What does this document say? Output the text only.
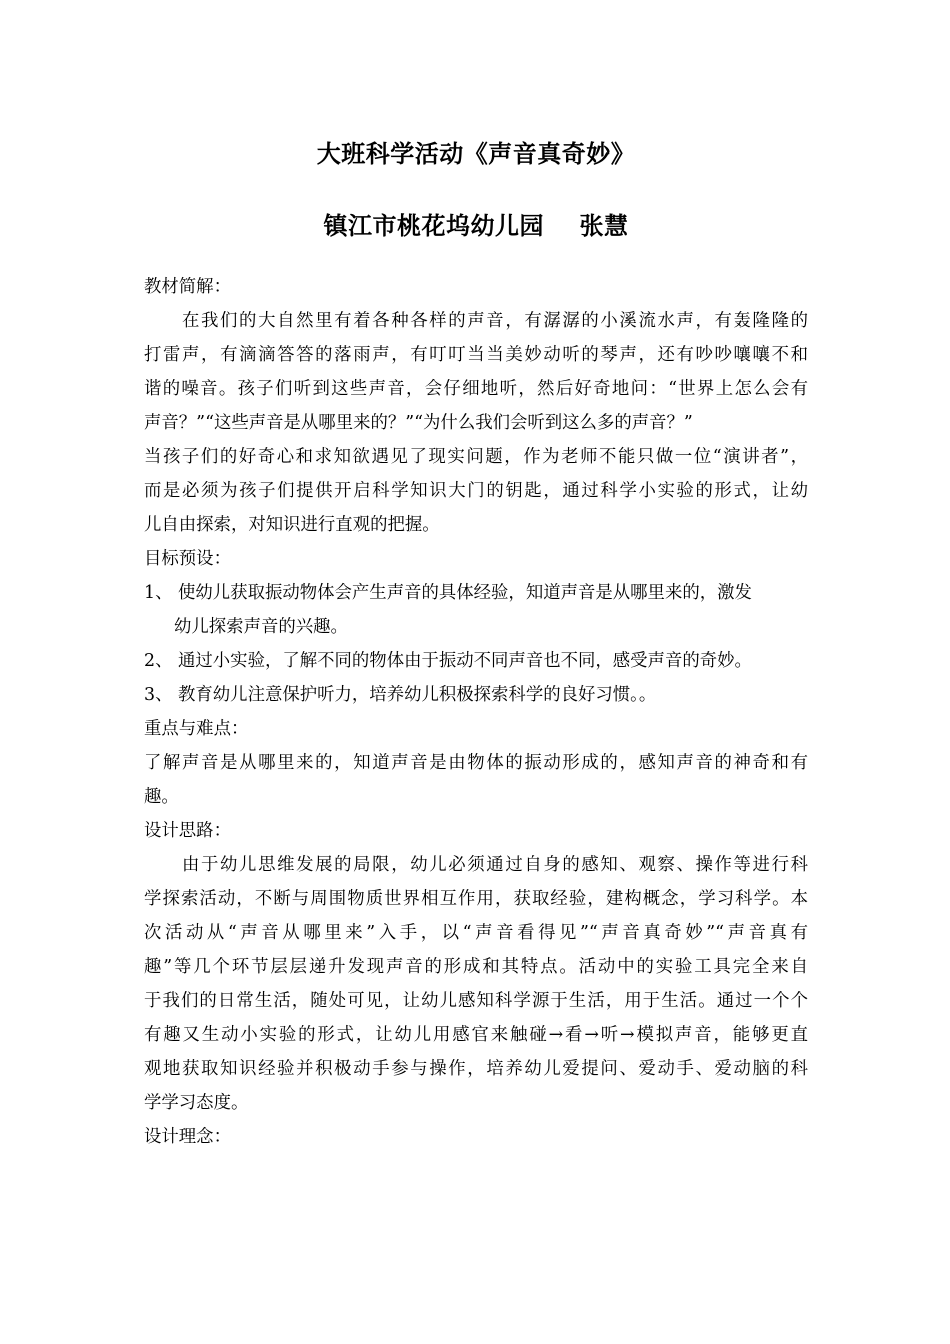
大班科学活动《声音真奇妙》
镇江市桃花坞幼儿园    张慧
教材简解：
在我们的大自然里有着各种各样的声音，有潺潺的小溪流水声，有轰隆隆的
打雷声，有滴滴答答的落雨声，有叮叮当当美妙动听的琴声，还有吵吵嚷嚷不和
谐的噪音。孩子们听到这些声音，会仔细地听，然后好奇地问：“世界上怎么会有
声音？”“这些声音是从哪里来的？”“为什么我们会听到这么多的声音？”
当孩子们的好奇心和求知欲遇见了现实问题，作为老师不能只做一位“演讲者”，
而是必须为孩子们提供开启科学知识大门的钥匙，通过科学小实验的形式，让幼
儿自由探索，对知识进行直观的把握。
目标预设：
1、 使幼儿获取振动物体会产生声音的具体经验，知道声音是从哪里来的，激发
幼儿探索声音的兴趣。
2、 通过小实验，了解不同的物体由于振动不同声音也不同，感受声音的奇妙。
3、 教育幼儿注意保护听力，培养幼儿积极探索科学的良好习惯。。
重点与难点：
了解声音是从哪里来的，知道声音是由物体的振动形成的，感知声音的神奇和有
趣。
设计思路：
由于幼儿思维发展的局限，幼儿必须通过自身的感知、观察、操作等进行科
学探索活动，不断与周围物质世界相互作用，获取经验，建构概念，学习科学。本
次活动从“声音从哪里来”入手，以“声音看得见”“声音真奇妙”“声音真有
趣”等几个环节层层递升发现声音的形成和其特点。活动中的实验工具完全来自
于我们的日常生活，随处可见，让幼儿感知科学源于生活，用于生活。通过一个个
有趣又生动小实验的形式，让幼儿用感官来触碰→看→听→模拟声音，能够更直
观地获取知识经验并积极动手参与操作，培养幼儿爱提问、爱动手、爱动脑的科
学学习态度。
设计理念：
